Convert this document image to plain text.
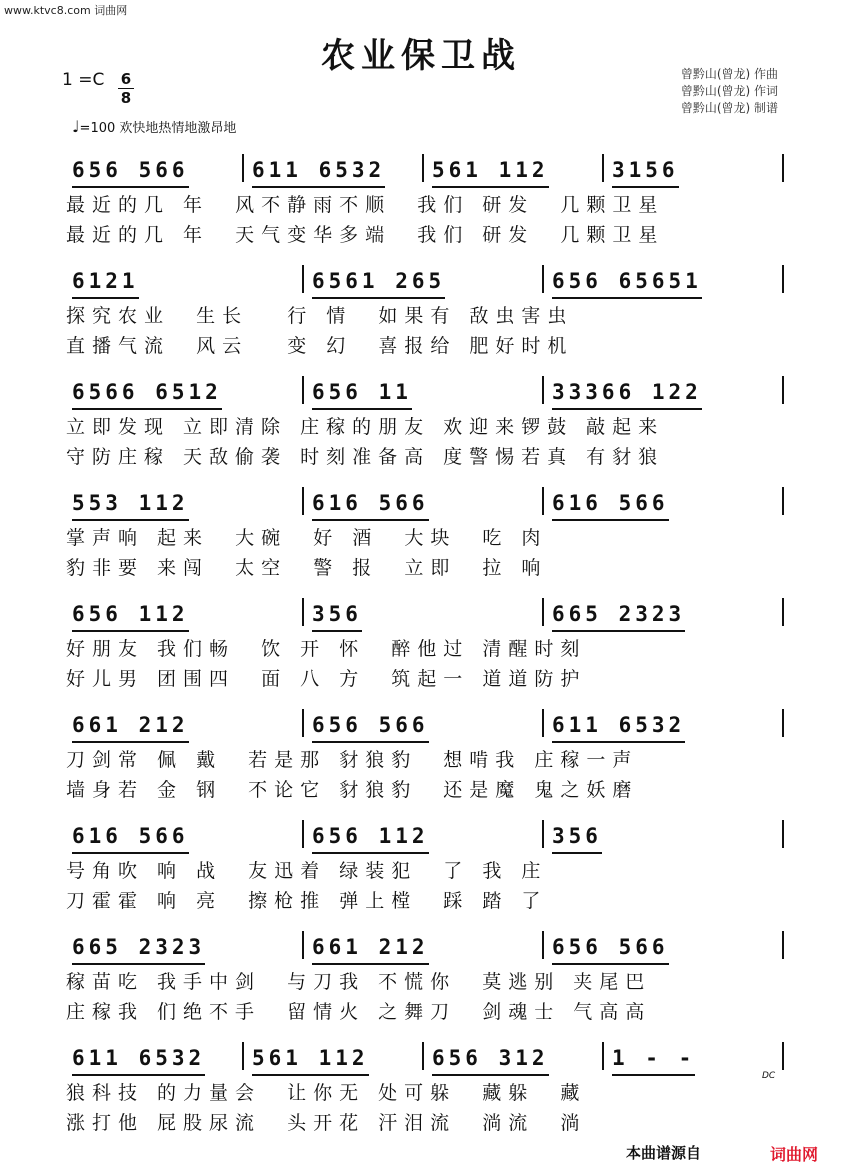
www.ktvc8.com 词曲网
农业保卫战
1 =C 6
8
♩=100 欢快地热情地激昂地
曾黔山(曾龙) 作曲
曾黔山(曾龙) 作词
曾黔山(曾龙) 制谱
656 566	611 6532 561 112	3156
最近的几 年  风不静雨不顺  我们 研发  几颗卫星
最近的几 年  天气变华多端  我们 研发  几颗卫星
6121	6561 265	656 65651
探究农业  生长   行 情  如果有 敌虫害虫
直播气流  风云   变 幻  喜报给 肥好时机
6566 6512	656 11	33366 122
立即发现 立即清除 庄稼的朋友 欢迎来锣鼓 敲起来
守防庄稼 天敌偷袭 时刻准备高 度警惕若真 有豺狼
553 112	616 566	616 566
掌声响 起来  大碗  好 酒  大块  吃 肉
豹非要 来闯  太空  警 报  立即  拉 响
656 112	356	665 2323
好朋友 我们畅  饮 开 怀  醉他过 清醒时刻
好儿男 团围四  面 八 方  筑起一 道道防护
661 212	656 566	611 6532
刀剑常 佩 戴  若是那 豺狼豹  想啃我 庄稼一声
墙身若 金 钢  不论它 豺狼豹  还是魔 鬼之妖磨
616 566	656 112	356
号角吹 响 战  友迅着 绿装犯  了 我 庄
刀霍霍 响 亮  擦枪推 弹上樘  踩 踏 了
665 2323	661 212	656 566
稼苗吃 我手中剑  与刀我 不慌你  莫逃别 夹尾巴
庄稼我 们绝不手  留情火 之舞刀  剑魂士 气高高
611 6532 561 112	656 312	1 - -
狼科技 的力量会  让你无 处可躲  藏躲  藏
涨打他 屁股尿流  头开花 汗泪流  淌流  淌
DC
本曲谱源自	词曲网
